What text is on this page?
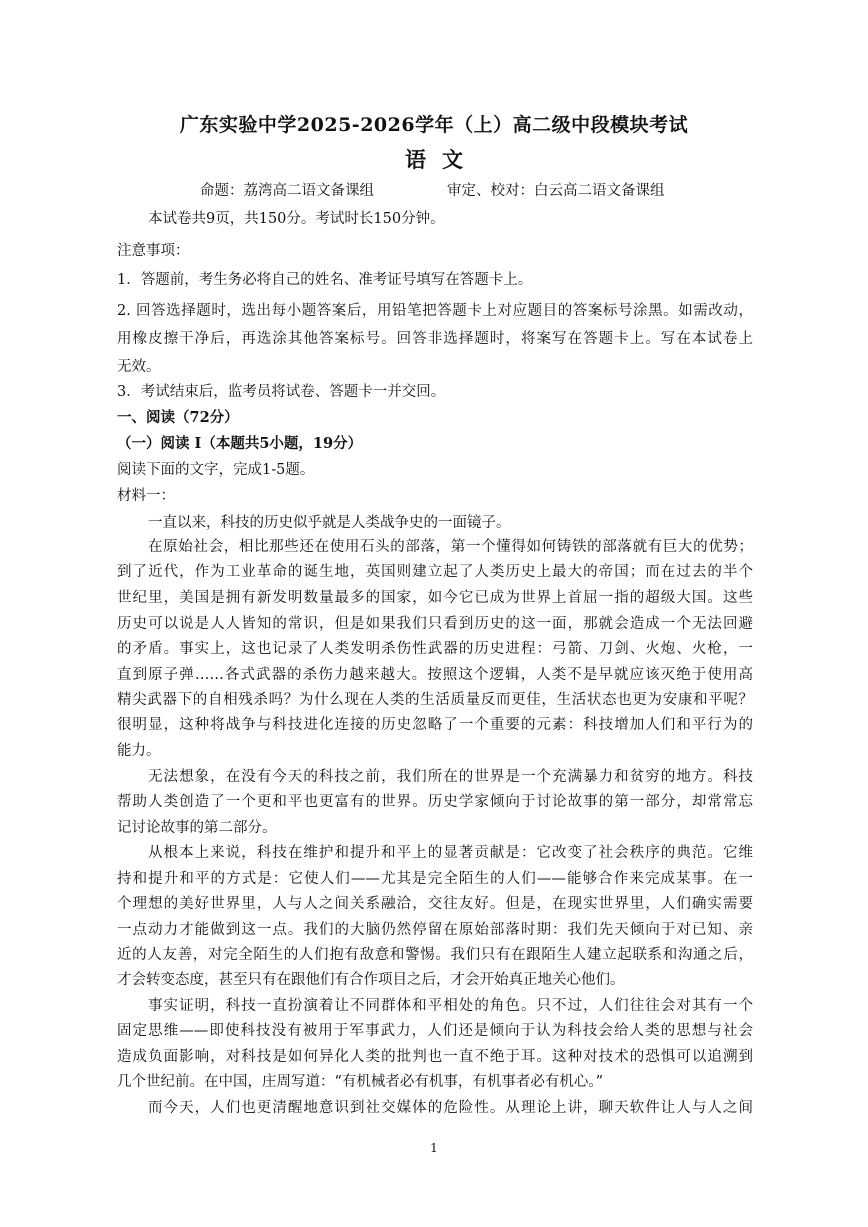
广东实验中学2025-2026学年（上）高二级中段模块考试
语文
命题：荔湾高二语文备课组	审定、校对：白云高二语文备课组
本试卷共9页，共150分。考试时长150分钟。
注意事项：
1．答题前，考生务必将自己的姓名、准考证号填写在答题卡上。
2. 回答选择题时，选出每小题答案后，用铅笔把答题卡上对应题目的答案标号涂黑。如需改动，
用橡皮擦干净后，再选涂其他答案标号。回答非选择题时，将案写在答题卡上。写在本试卷上
无效。
3．考试结束后，监考员将试卷、答题卡一并交回。
一、阅读（72分）
（一）阅读 I（本题共5小题，19分）
阅读下面的文字，完成1-5题。
材料一：
一直以来，科技的历史似乎就是人类战争史的一面镜子。
在原始社会，相比那些还在使用石头的部落，第一个懂得如何铸铁的部落就有巨大的优势；
到了近代，作为工业革命的诞生地，英国则建立起了人类历史上最大的帝国；而在过去的半个
世纪里，美国是拥有新发明数量最多的国家，如今它已成为世界上首屈一指的超级大国。这些
历史可以说是人人皆知的常识，但是如果我们只看到历史的这一面，那就会造成一个无法回避
的矛盾。事实上，这也记录了人类发明杀伤性武器的历史进程：弓箭、刀剑、火炮、火枪，一
直到原子弹……各式武器的杀伤力越来越大。按照这个逻辑，人类不是早就应该灭绝于使用高
精尖武器下的自相残杀吗？为什么现在人类的生活质量反而更佳，生活状态也更为安康和平呢？
很明显，这种将战争与科技进化连接的历史忽略了一个重要的元素：科技增加人们和平行为的
能力。
无法想象，在没有今天的科技之前，我们所在的世界是一个充满暴力和贫穷的地方。科技
帮助人类创造了一个更和平也更富有的世界。历史学家倾向于讨论故事的第一部分，却常常忘
记讨论故事的第二部分。
从根本上来说，科技在维护和提升和平上的显著贡献是：它改变了社会秩序的典范。它维
持和提升和平的方式是：它使人们——尤其是完全陌生的人们——能够合作来完成某事。在一
个理想的美好世界里，人与人之间关系融洽，交往友好。但是，在现实世界里，人们确实需要
一点动力才能做到这一点。我们的大脑仍然停留在原始部落时期：我们先天倾向于对已知、亲
近的人友善，对完全陌生的人们抱有敌意和警惕。我们只有在跟陌生人建立起联系和沟通之后，
才会转变态度，甚至只有在跟他们有合作项目之后，才会开始真正地关心他们。
事实证明，科技一直扮演着让不同群体和平相处的角色。只不过，人们往往会对其有一个
固定思维——即使科技没有被用于军事武力，人们还是倾向于认为科技会给人类的思想与社会
造成负面影响，对科技是如何异化人类的批判也一直不绝于耳。这种对技术的恐惧可以追溯到
几个世纪前。在中国，庄周写道：“有机械者必有机事，有机事者必有机心。”
而今天，人们也更清醒地意识到社交媒体的危险性。从理论上讲，聊天软件让人与人之间
1
